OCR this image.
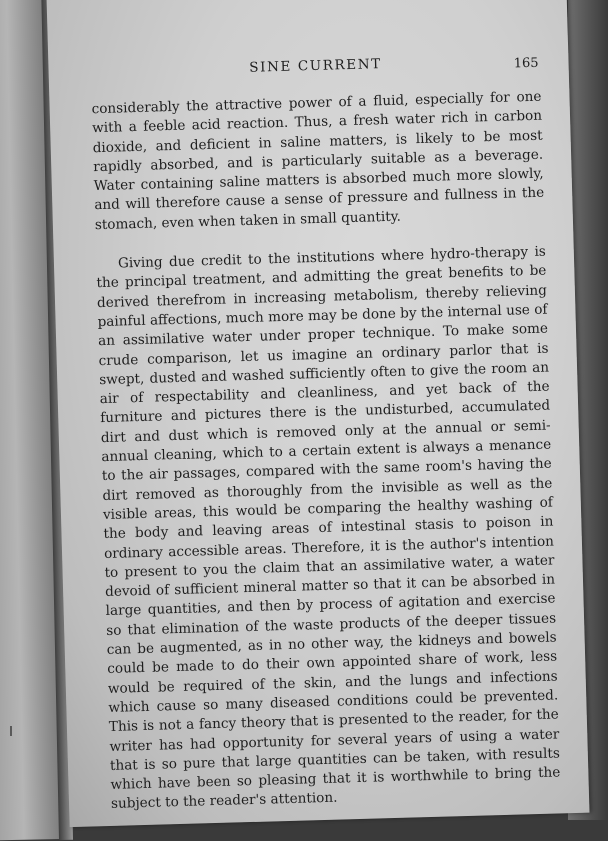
SINE CURRENT	165

considerably the attractive power of a fluid, especially for one with a feeble acid reaction. Thus, a fresh water rich in carbon dioxide, and deficient in saline matters, is likely to be most rapidly absorbed, and is particularly suitable as a beverage. Water containing saline matters is absorbed much more slowly, and will therefore cause a sense of pressure and fullness in the stomach, even when taken in small quantity.

Giving due credit to the institutions where hydro-therapy is the principal treatment, and admitting the great benefits to be derived therefrom in increasing metabolism, thereby relieving painful affections, much more may be done by the internal use of an assimilative water under proper technique. To make some crude comparison, let us imagine an ordinary parlor that is swept, dusted and washed sufficiently often to give the room an air of respectability and cleanliness, and yet back of the furniture and pictures there is the undisturbed, accumulated dirt and dust which is removed only at the annual or semi-annual cleaning, which to a certain extent is always a menance to the air passages, compared with the same room's having the dirt removed as thoroughly from the invisible as well as the visible areas, this would be comparing the healthy washing of the body and leaving areas of intestinal stasis to poison in ordinary accessible areas. Therefore, it is the author's intention to present to you the claim that an assimilative water, a water devoid of sufficient mineral matter so that it can be absorbed in large quantities, and then by process of agitation and exercise so that elimination of the waste products of the deeper tissues can be augmented, as in no other way, the kidneys and bowels could be made to do their own appointed share of work, less would be required of the skin, and the lungs and infections which cause so many diseased conditions could be prevented. This is not a fancy theory that is presented to the reader, for the writer has had opportunity for several years of using a water that is so pure that large quantities can be taken, with results which have been so pleasing that it is worthwhile to bring the subject to the reader's attention.
